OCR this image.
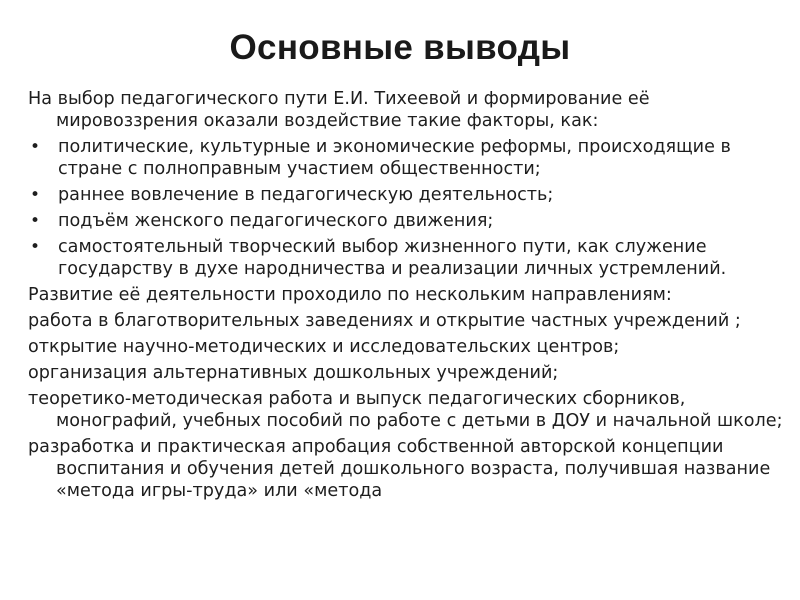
Основные выводы

На выбор педагогического пути Е.И. Тихеевой и формирование её мировоззрения оказали воздействие такие факторы, как:

•	политические, культурные и экономические реформы, происходящие в стране с полноправным участием общественности;
•	раннее вовлечение в педагогическую деятельность;
•	подъём женского педагогического движения;
•	самостоятельный творческий выбор жизненного пути, как служение государству в духе народничества и реализации личных устремлений.

Развитие её деятельности проходило по нескольким направлениям:

работа в благотворительных заведениях и открытие частных учреждений ;

открытие научно-методических и исследовательских центров;

организация альтернативных дошкольных учреждений;

теоретико-методическая работа и выпуск педагогических сборников, монографий, учебных пособий по работе с детьми в ДОУ и начальной школе;

разработка и практическая апробация собственной авторской концепции воспитания и обучения детей дошкольного возраста, получившая название «метода игры-труда» или «метода
